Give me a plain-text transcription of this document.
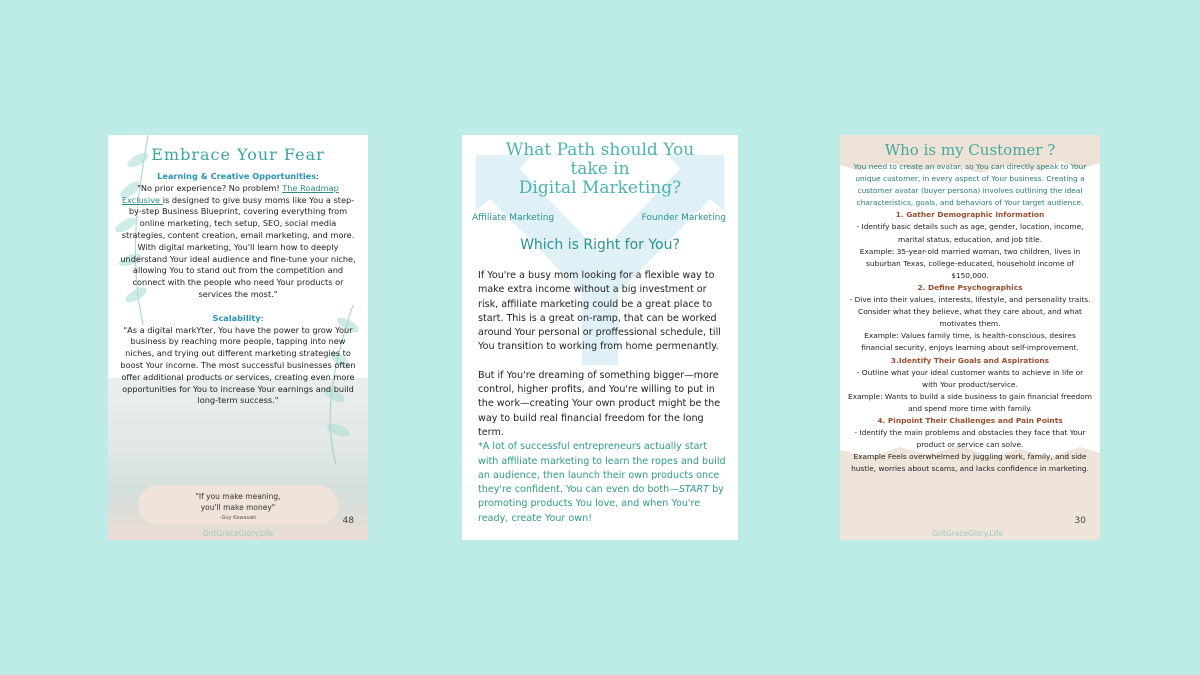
Embrace Your Fear
Learning & Creative Opportunities:
"No prior experience? No problem! The Roadmap Exclusive is designed to give busy moms like You a step-by-step Business Blueprint, covering everything from online marketing, tech setup, SEO, social media strategies, content creation, email marketing, and more. With digital marketing, You'll learn how to deeply understand Your ideal audience and fine-tune your niche, allowing You to stand out from the competition and connect with the people who need Your products or services the most."
Scalability:
"As a digital markYter, You have the power to grow Your business by reaching more people, tapping into new niches, and trying out different marketing strategies to boost Your income. The most successful businesses often offer additional products or services, creating even more opportunities for You to increase Your earnings and build long-term success."
"If you make meaning,
you'll make money"
-Guy Kawasaki	48
GritGraceGlory.Life
What Path should You
take in
Digital Marketing?
Affiliate Marketing	Founder Marketing
Which is Right for You?

If You're a busy mom looking for a flexible way to make extra income without a big investment or risk, affiliate marketing could be a great place to start. This is a great on-ramp, that can be worked around Your personal or proffessional schedule, till You transition to working from home permenantly.

But if You're dreaming of something bigger—more control, higher profits, and You're willing to put in the work—creating Your own product might be the way to build real financial freedom for the long term.

*A lot of successful entrepreneurs actually start with affiliate marketing to learn the ropes and build an audience, then launch their own products once they're confident. You can even do both—START by promoting products You love, and when You're ready, create Your own!

Who is my Customer ?
You need to create an avatar, so You can directly speak to Your unique customer, in every aspect of Your business. Creating a customer avatar (buyer persona) involves outlining the ideal characteristics, goals, and behaviors of Your target audience.
1. Gather Demographic Information
- Identify basic details such as age, gender, location, income, marital status, education, and job title.
Example: 35-year-old married woman, two children, lives in suburban Texas, college-educated, household income of $150,000.
2. Define Psychographics
- Dive into their values, interests, lifestyle, and personality traits. Consider what they believe, what they care about, and what motivates them.
Example: Values family time, is health-conscious, desires financial security, enjoys learning about self-improvement.
3.Identify Their Goals and Aspirations
- Outline what your ideal customer wants to achieve in life or with Your product/service.
Example: Wants to build a side business to gain financial freedom and spend more time with family.
4. Pinpoint Their Challenges and Pain Points
- Identify the main problems and obstacles they face that Your product or service can solve.
Example Feels overwhelmed by juggling work, family, and side hustle, worries about scams, and lacks confidence in marketing.
30
GritGraceGlory.Life
